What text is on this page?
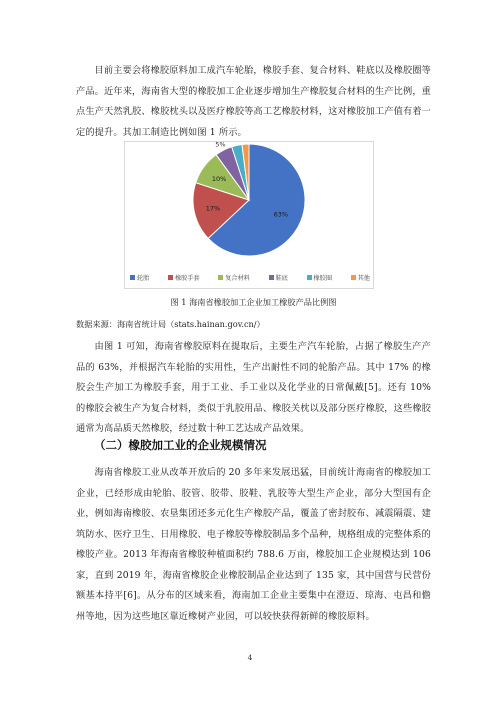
目前主要会将橡胶原料加工成汽车轮胎，橡胶手套、复合材料、鞋底以及橡胶圈等产品。近年来，海南省大型的橡胶加工企业逐步增加生产橡胶复合材料的生产比例，重点生产天然乳胶、橡胶枕头以及医疗橡胶等高工艺橡胶材料，这对橡胶加工产值有着一定的提升。其加工制造比例如图 1 所示。

63%
17%
10%
5%
轮胎	橡胶手套	复合材料	鞋底	橡胶圈	其他
图 1 海南省橡胶加工企业加工橡胶产品比例图
数据来源：海南省统计局（stats.hainan.gov.cn/）

由图 1 可知，海南省橡胶原料在提取后，主要生产汽车轮胎，占据了橡胶生产产品的 63%，并根据汽车轮胎的实用性，生产出耐性不同的轮胎产品。其中 17% 的橡胶会生产加工为橡胶手套，用于工业、手工业以及化学业的日常佩戴[5]。还有 10% 的橡胶会被生产为复合材料，类似于乳胶用品、橡胶关枕以及部分医疗橡胶，这些橡胶通常为高品质天然橡胶，经过数十种工艺达成产品效果。

（二）橡胶加工业的企业规模情况

海南省橡胶工业从改革开放后的 20 多年来发展迅猛，目前统计海南省的橡胶加工企业，已经形成由轮胎、胶管、胶带、胶鞋、乳胶等大型生产企业，部分大型国有企业，例如海南橡胶、农垦集团还多元化生产橡胶产品，覆盖了密封胶布、减震隔震、建筑防水、医疗卫生、日用橡胶、电子橡胶等橡胶制品多个品种，规格组成的完整体系的橡胶产业。2013 年海南省橡胶种植面积约 788.6 万亩，橡胶加工企业规模达到 106 家，直到 2019 年，海南省橡胶企业橡胶制品企业达到了 135 家，其中国营与民营份额基本持平[6]。从分布的区域来看，海南加工企业主要集中在澄迈、琼海、屯昌和儋州等地，因为这些地区靠近橡树产业园，可以较快获得新鲜的橡胶原料。

4
